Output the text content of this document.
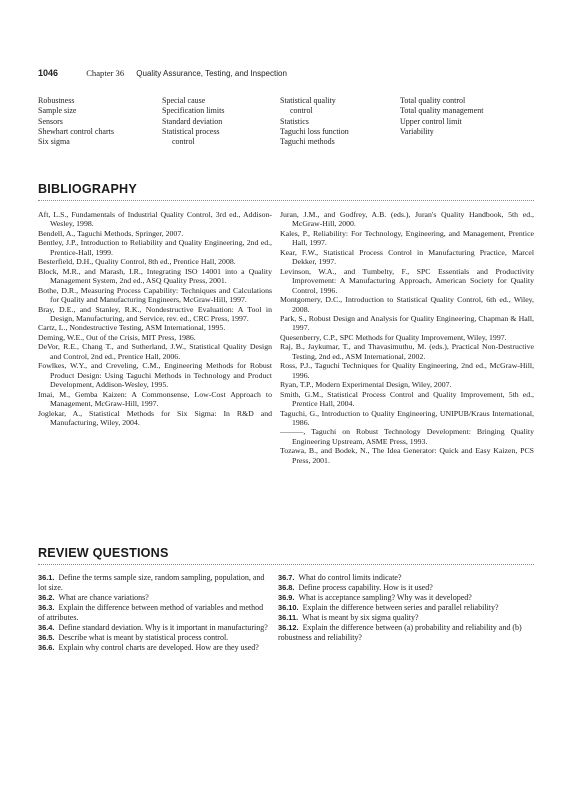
1046	Chapter 36 Quality Assurance, Testing, and Inspection
Robustness
Sample size
Sensors
Shewhart control charts
Six sigma
Special cause
Specification limits
Standard deviation
Statistical process
control
Statistical quality
control
Statistics
Taguchi loss function
Taguchi methods
Total quality control
Total quality management
Upper control limit
Variability
BIBLIOGRAPHY

Aft, L.S., Fundamentals of Industrial Quality Control, 3rd ed., Addison-Wesley, 1998.

Bendell, A., Taguchi Methods, Springer, 2007.

Bentley, J.P., Introduction to Reliability and Quality Engineering, 2nd ed., Prentice-Hall, 1999.

Besterfield, D.H., Quality Control, 8th ed., Prentice Hall, 2008.

Block, M.R., and Marash, I.R., Integrating ISO 14001 into a Quality Management System, 2nd ed., ASQ Quality Press, 2001.

Bothe, D.R., Measuring Process Capability: Techniques and Calculations for Quality and Manufacturing Engineers, McGraw-Hill, 1997.

Bray, D.E., and Stanley, R.K., Nondestructive Evaluation: A Tool in Design, Manufacturing, and Service, rev. ed., CRC Press, 1997.

Cartz, L., Nondestructive Testing, ASM International, 1995.

Deming, W.E., Out of the Crisis, MIT Press, 1986.

DeVor, R.E., Chang T., and Sutherland, J.W., Statistical Quality Design and Control, 2nd ed., Prentice Hall, 2006.

Fowlkes, W.Y., and Creveling, C.M., Engineering Methods for Robust Product Design: Using Taguchi Methods in Technology and Product Development, Addison-Wesley, 1995.

Imai, M., Gemba Kaizen: A Commonsense, Low-Cost Approach to Management, McGraw-Hill, 1997.

Joglekar, A., Statistical Methods for Six Sigma: In R&D and Manufacturing, Wiley, 2004.

Juran, J.M., and Godfrey, A.B. (eds.), Juran's Quality Handbook, 5th ed., McGraw-Hill, 2000.

Kales, P., Reliability: For Technology, Engineering, and Management, Prentice Hall, 1997.

Kear, F.W., Statistical Process Control in Manufacturing Practice, Marcel Dekker, 1997.

Levinson, W.A., and Tumbelty, F., SPC Essentials and Productivity Improvement: A Manufacturing Approach, American Society for Quality Control, 1996.

Montgomery, D.C., Introduction to Statistical Quality Control, 6th ed., Wiley, 2008.

Park, S., Robust Design and Analysis for Quality Engineering, Chapman & Hall, 1997.

Quesenberry, C.P., SPC Methods for Quality Improvement, Wiley, 1997.

Raj, B., Jaykumar, T., and Thavasimuthu, M. (eds.), Practical Non-Destructive Testing, 2nd ed., ASM International, 2002.

Ross, P.J., Taguchi Techniques for Quality Engineering, 2nd ed., McGraw-Hill, 1996.

Ryan, T.P., Modern Experimental Design, Wiley, 2007.

Smith, G.M., Statistical Process Control and Quality Improvement, 5th ed., Prentice Hall, 2004.

Taguchi, G., Introduction to Quality Engineering, UNIPUB/Kraus International, 1986.

———, Taguchi on Robust Technology Development: Bringing Quality Engineering Upstream, ASME Press, 1993.

Tozawa, B., and Bodek, N., The Idea Generator: Quick and Easy Kaizen, PCS Press, 2001.

REVIEW QUESTIONS

36.1. Define the terms sample size, random sampling, population, and lot size.

36.2. What are chance variations?

36.3. Explain the difference between method of variables and method of attributes.

36.4. Define standard deviation. Why is it important in manufacturing?

36.5. Describe what is meant by statistical process control.

36.6. Explain why control charts are developed. How are they used?

36.7. What do control limits indicate?

36.8. Define process capability. How is it used?

36.9. What is acceptance sampling? Why was it developed?

36.10. Explain the difference between series and parallel reliability?

36.11. What is meant by six sigma quality?

36.12. Explain the difference between (a) probability and reliability and (b) robustness and reliability?
